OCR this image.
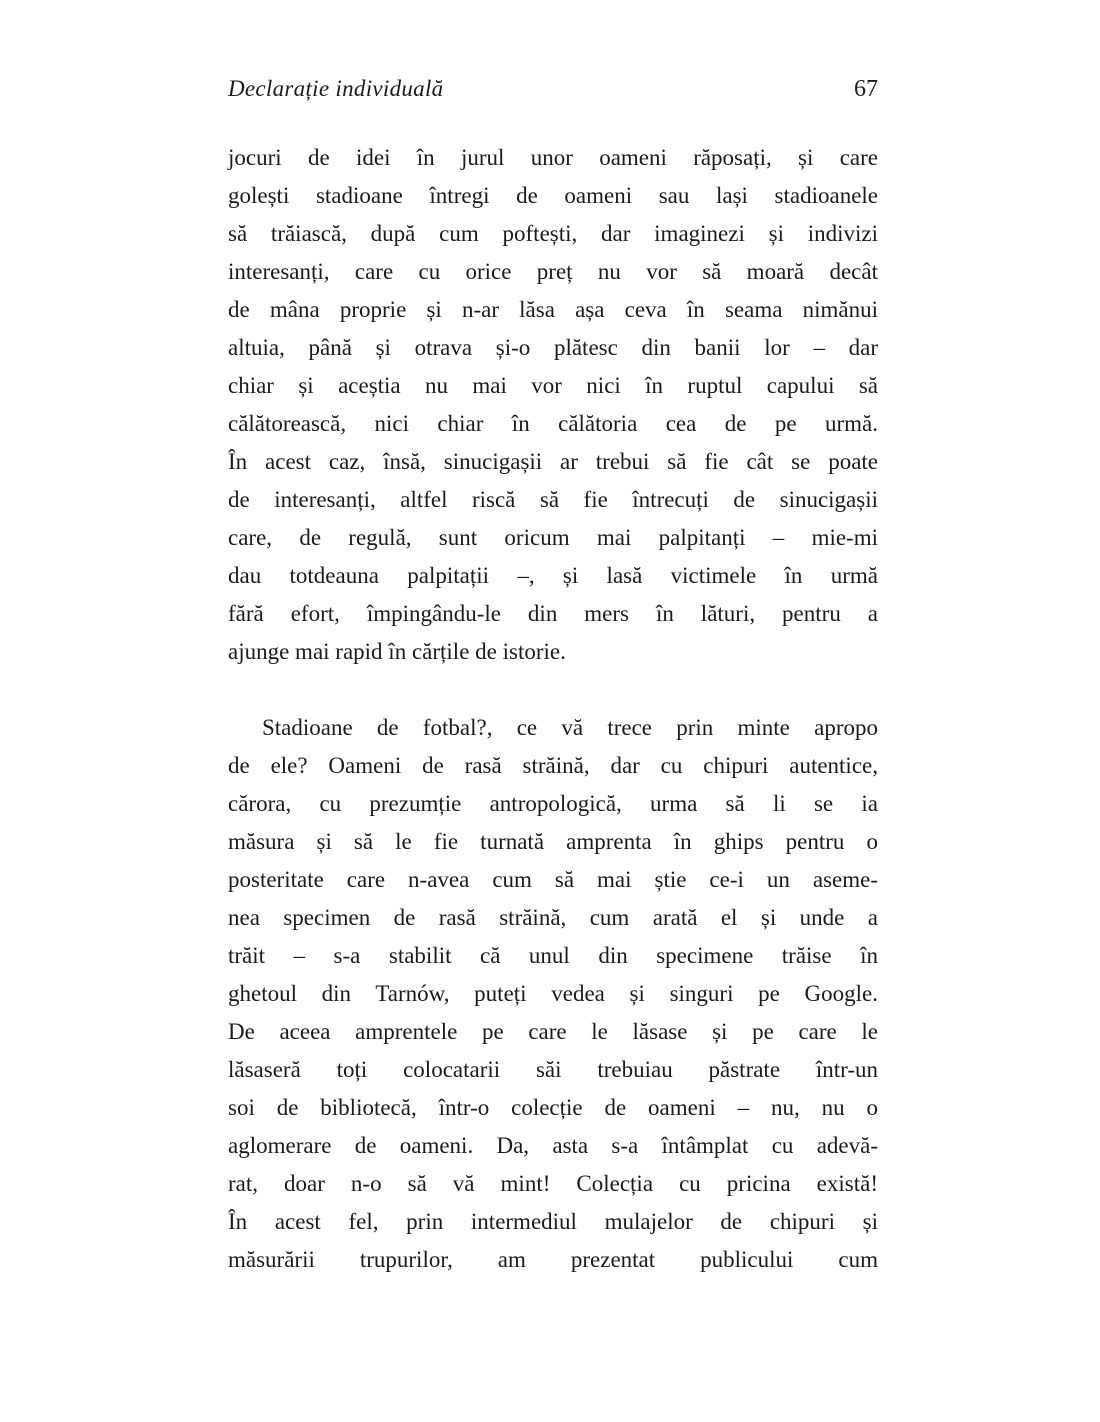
Declarație individuală	67
jocuri de idei în jurul unor oameni răposați, și care
golești stadioane întregi de oameni sau lași stadioanele
să trăiască, după cum poftești, dar imaginezi și indivizi
interesanți, care cu orice preț nu vor să moară decât
de mâna proprie și n-ar lăsa așa ceva în seama nimănui
altuia, până și otrava și-o plătesc din banii lor – dar
chiar și aceștia nu mai vor nici în ruptul capului să
călătorească, nici chiar în călătoria cea de pe urmă.
În acest caz, însă, sinucigașii ar trebui să fie cât se poate
de interesanți, altfel riscă să fie întrecuți de sinucigașii
care, de regulă, sunt oricum mai palpitanți – mie-mi
dau totdeauna palpitații –, și lasă victimele în urmă
fără efort, împingându-le din mers în lături, pentru a
ajunge mai rapid în cărțile de istorie.
Stadioane de fotbal?, ce vă trece prin minte apropo
de ele? Oameni de rasă străină, dar cu chipuri autentice,
cărora, cu prezumție antropologică, urma să li se ia
măsura și să le fie turnată amprenta în ghips pentru o
posteritate care n-avea cum să mai știe ce-i un aseme-
nea specimen de rasă străină, cum arată el și unde a
trăit – s-a stabilit că unul din specimene trăise în
ghetoul din Tarnów, puteți vedea și singuri pe Google.
De aceea amprentele pe care le lăsase și pe care le
lăsaseră toți colocatarii săi trebuiau păstrate într-un
soi de bibliotecă, într-o colecție de oameni – nu, nu o
aglomerare de oameni. Da, asta s-a întâmplat cu adevă-
rat, doar n-o să vă mint! Colecția cu pricina există!
În acest fel, prin intermediul mulajelor de chipuri și
măsurării trupurilor, am prezentat publicului cum
